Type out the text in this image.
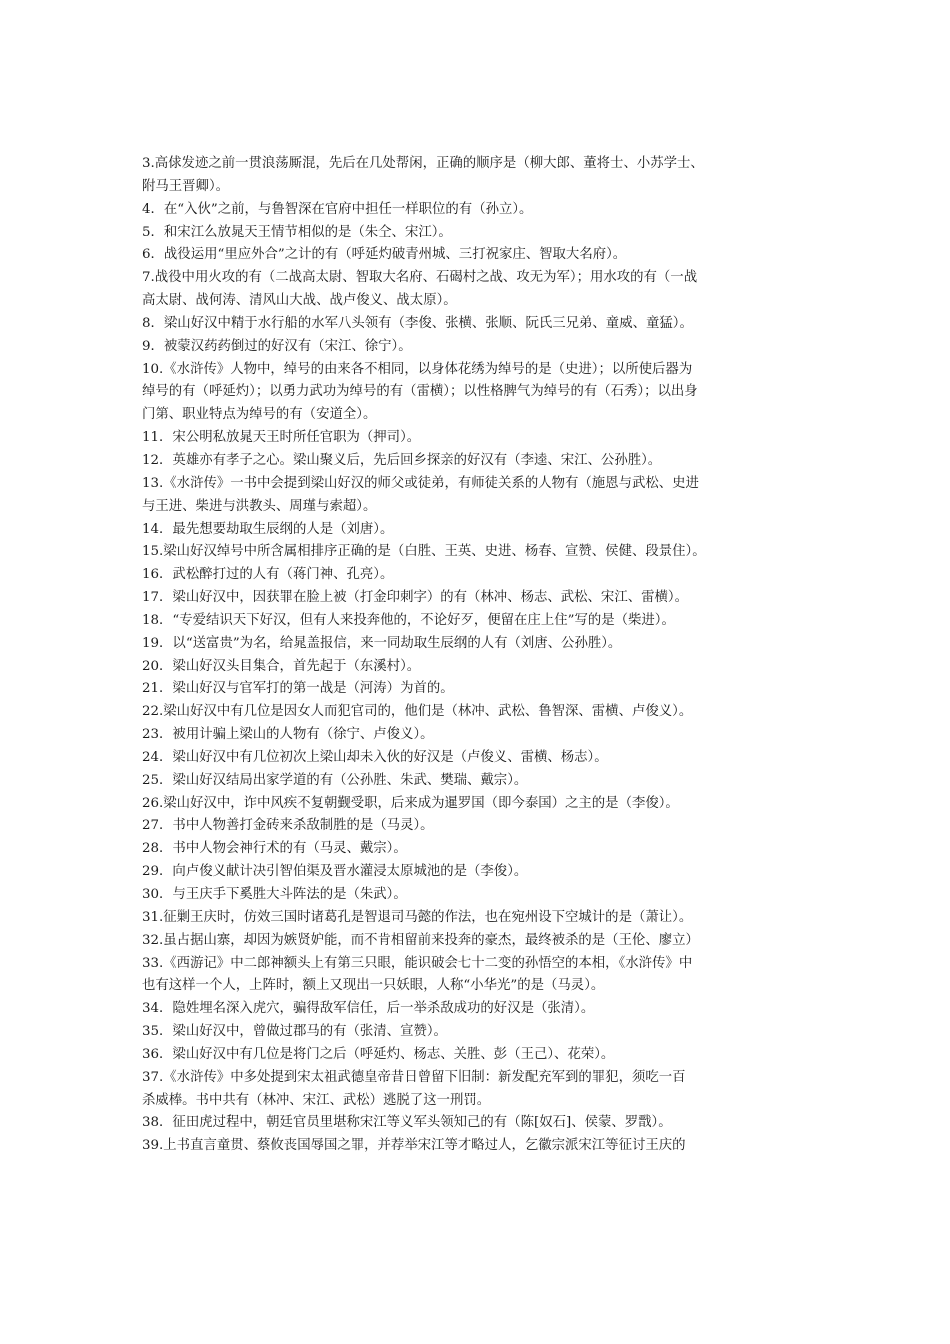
3.高俅发迹之前一贯浪荡厮混，先后在几处帮闲，正确的顺序是（柳大郎、董将士、小苏学士、
附马王晋卿）。
4．在“入伙”之前，与鲁智深在官府中担任一样职位的有（孙立）。
5．和宋江么放晁天王情节相似的是（朱仝、宋江）。
6．战役运用“里应外合”之计的有（呼延灼破青州城、三打祝家庄、智取大名府）。
7.战役中用火攻的有（二战高太尉、智取大名府、石碣村之战、攻无为军）；用水攻的有（一战
高太尉、战何涛、清风山大战、战卢俊义、战太原）。
8．梁山好汉中精于水行船的水军八头领有（李俊、张横、张顺、阮氏三兄弟、童威、童猛）。
9．被蒙汉药药倒过的好汉有（宋江、徐宁）。
10.《水浒传》人物中，绰号的由来各不相同，以身体花绣为绰号的是（史进）；以所使后器为
绰号的有（呼延灼）；以勇力武功为绰号的有（雷横）；以性格脾气为绰号的有（石秀）；以出身
门第、职业特点为绰号的有（安道全）。
11．宋公明私放晁天王时所任官职为（押司）。
12．英雄亦有孝子之心。梁山聚义后，先后回乡探亲的好汉有（李逵、宋江、公孙胜）。
13.《水浒传》一书中会提到梁山好汉的师父或徒弟，有师徒关系的人物有（施恩与武松、史进
与王进、柴进与洪教头、周瑾与索超）。
14．最先想要劫取生辰纲的人是（刘唐）。
15.梁山好汉绰号中所含属相排序正确的是（白胜、王英、史进、杨春、宣赞、侯健、段景住）。
16．武松醉打过的人有（蒋门神、孔亮）。
17．梁山好汉中，因获罪在脸上被（打金印刺字）的有（林冲、杨志、武松、宋江、雷横）。
18．“专爱结识天下好汉，但有人来投奔他的，不论好歹，便留在庄上住”写的是（柴进）。
19．以“送富贵”为名，给晁盖报信，来一同劫取生辰纲的人有（刘唐、公孙胜）。
20．梁山好汉头目集合，首先起于（东溪村）。
21．梁山好汉与官军打的第一战是（河涛）为首的。
22.梁山好汉中有几位是因女人而犯官司的，他们是（林冲、武松、鲁智深、雷横、卢俊义）。
23．被用计骗上梁山的人物有（徐宁、卢俊义）。
24．梁山好汉中有几位初次上梁山却未入伙的好汉是（卢俊义、雷横、杨志）。
25．梁山好汉结局出家学道的有（公孙胜、朱武、樊瑞、戴宗）。
26.梁山好汉中，诈中风疾不复朝觐受职，后来成为暹罗国（即今泰国）之主的是（李俊）。
27．书中人物善打金砖来杀敌制胜的是（马灵）。
28．书中人物会神行术的有（马灵、戴宗）。
29．向卢俊义献计决引智伯渠及晋水灌浸太原城池的是（李俊）。
30．与王庆手下奚胜大斗阵法的是（朱武）。
31.征剿王庆时，仿效三国时诸葛孔是智退司马懿的作法，也在宛州设下空城计的是（萧让）。
32.虽占据山寨，却因为嫉贤妒能，而不肯相留前来投奔的豪杰，最终被杀的是（王伦、廖立）
33.《西游记》中二郎神额头上有第三只眼，能识破会七十二变的孙悟空的本相，《水浒传》中
也有这样一个人，上阵时，额上又现出一只妖眼，人称“小华光”的是（马灵）。
34．隐姓埋名深入虎穴，骗得敌军信任，后一举杀敌成功的好汉是（张清）。
35．梁山好汉中，曾做过郡马的有（张清、宣赞）。
36．梁山好汉中有几位是将门之后（呼延灼、杨志、关胜、彭（王己）、花荣）。
37.《水浒传》中多处提到宋太祖武德皇帝昔日曾留下旧制：新发配充军到的罪犯，须吃一百
杀威棒。书中共有（林冲、宋江、武松）逃脱了这一刑罚。
38．征田虎过程中，朝廷官员里堪称宋江等义军头领知己的有（陈[奴石]、侯蒙、罗戬）。
39.上书直言童贯、蔡攸丧国辱国之罪，并荐举宋江等才略过人，乞徽宗派宋江等征讨王庆的
